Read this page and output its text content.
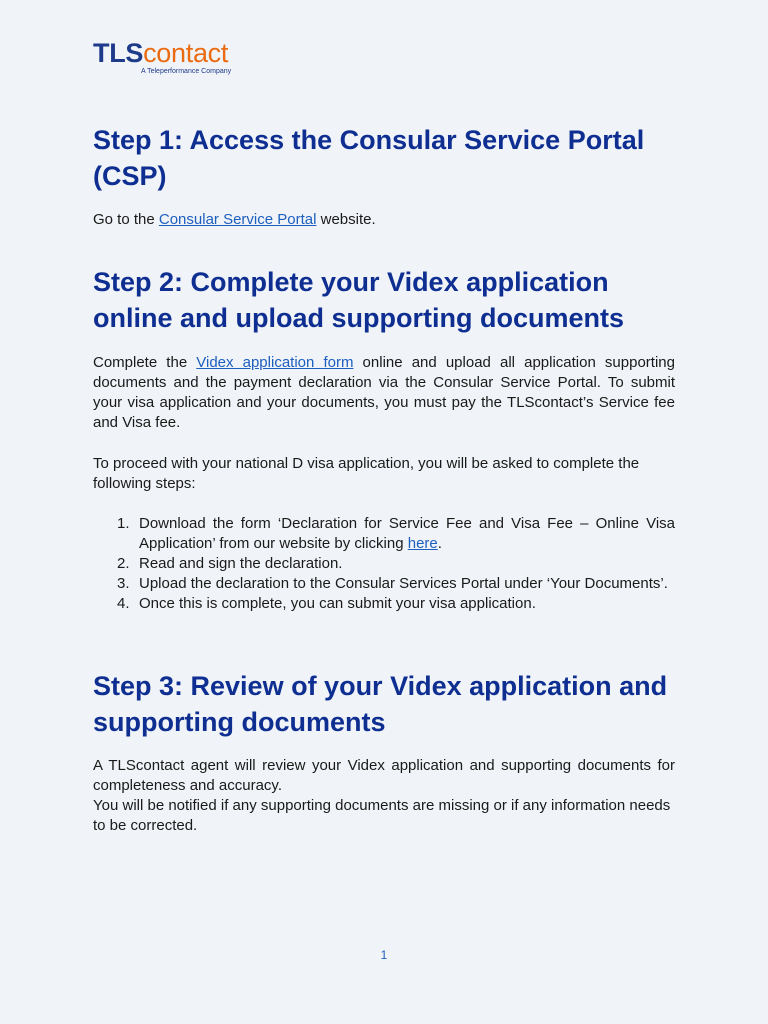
TLScontact
A Teleperformance Company
Step 1: Access the Consular Service Portal (CSP)

Go to the Consular Service Portal website.

Step 2: Complete your Videx application online and upload supporting documents

Complete the Videx application form online and upload all application supporting documents and the payment declaration via the Consular Service Portal. To submit your visa application and your documents, you must pay the TLScontact’s Service fee and Visa fee.

To proceed with your national D visa application, you will be asked to complete the following steps:

1. Download the form ‘Declaration for Service Fee and Visa Fee – Online Visa Application’ from our website by clicking here.
2. Read and sign the declaration.
3. Upload the declaration to the Consular Services Portal under ‘Your Documents’.
4. Once this is complete, you can submit your visa application.
Step 3: Review of your Videx application and supporting documents

A TLScontact agent will review your Videx application and supporting documents for completeness and accuracy.

You will be notified if any supporting documents are missing or if any information needs to be corrected.

1
